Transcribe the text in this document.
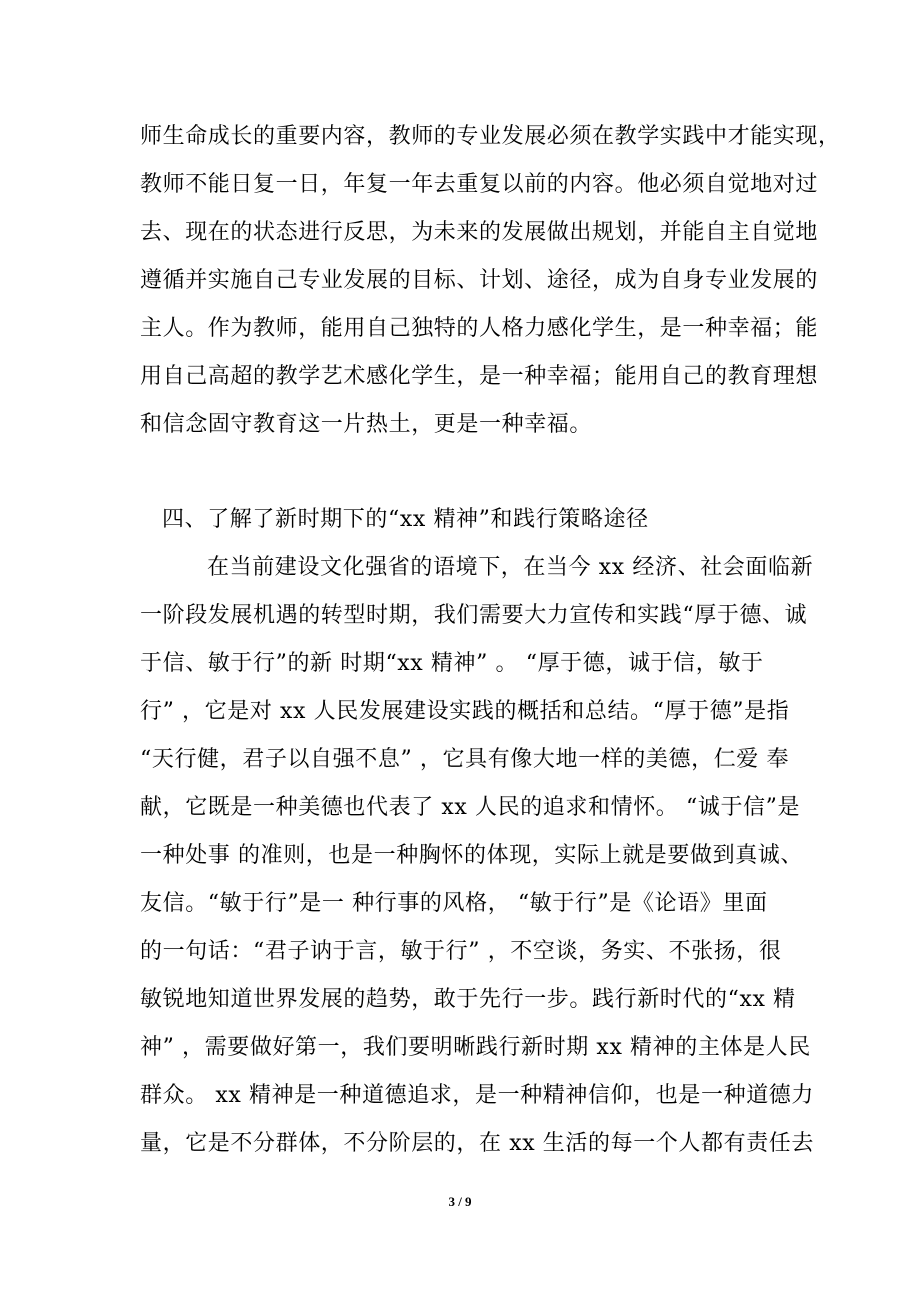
师生命成长的重要内容，教师的专业发展必须在教学实践中才能实现，
教师不能日复一日，年复一年去重复以前的内容。他必须自觉地对过
去、现在的状态进行反思，为未来的发展做出规划，并能自主自觉地
遵循并实施自己专业发展的目标、计划、途径，成为自身专业发展的
主人。作为教师，能用自己独特的人格力感化学生，是一种幸福；能
用自己高超的教学艺术感化学生，是一种幸福；能用自己的教育理想
和信念固守教育这一片热土，更是一种幸福。
四、了解了新时期下的“xx 精神”和践行策略途径
在当前建设文化强省的语境下，在当今 xx 经济、社会面临新
一阶段发展机遇的转型时期，我们需要大力宣传和实践“厚于德、诚
于信、敏于行”的新 时期“xx 精神” 。 “厚于德，诚于信，敏于
行” ，它是对 xx 人民发展建设实践的概括和总结。“厚于德”是指
“天行健，君子以自强不息” ，它具有像大地一样的美德，仁爱 奉
献，它既是一种美德也代表了 xx 人民的追求和情怀。 “诚于信”是
一种处事 的准则，也是一种胸怀的体现，实际上就是要做到真诚、
友信。“敏于行”是一 种行事的风格， “敏于行”是《论语》里面
的一句话：“君子讷于言，敏于行” ，不空谈，务实、不张扬，很
敏锐地知道世界发展的趋势，敢于先行一步。践行新时代的“xx 精
神” ，需要做好第一，我们要明晰践行新时期 xx 精神的主体是人民
群众。 xx 精神是一种道德追求，是一种精神信仰，也是一种道德力
量，它是不分群体，不分阶层的，在 xx 生活的每一个人都有责任去
3 / 9
